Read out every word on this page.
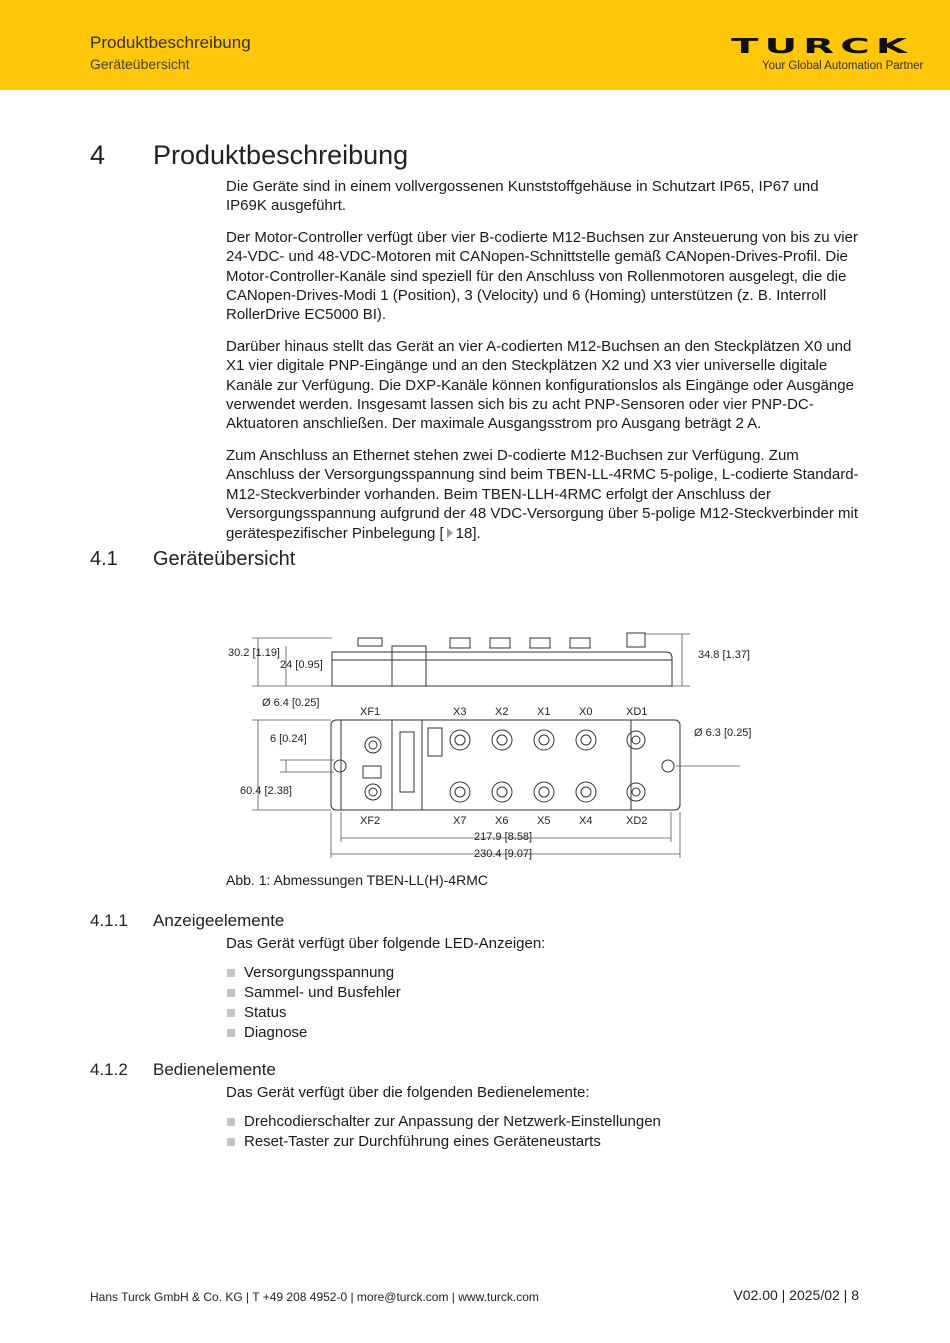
Produktbeschreibung
Geräteübersicht
TURCK
Your Global Automation Partner
4 Produktbeschreibung

Die Geräte sind in einem vollvergossenen Kunststoffgehäuse in Schutzart IP65, IP67 und IP69K ausgeführt.

Der Motor-Controller verfügt über vier B-codierte M12-Buchsen zur Ansteuerung von bis zu vier 24-VDC- und 48-VDC-Motoren mit CANopen-Schnittstelle gemäß CANopen-Drives-Profil. Die Motor-Controller-Kanäle sind speziell für den Anschluss von Rollenmotoren ausgelegt, die die CANopen-Drives-Modi 1 (Position), 3 (Velocity) und 6 (Homing) unterstützen (z. B. Interroll RollerDrive EC5000 BI).

Darüber hinaus stellt das Gerät an vier A-codierten M12-Buchsen an den Steckplätzen X0 und X1 vier digitale PNP-Eingänge und an den Steckplätzen X2 und X3 vier universelle digitale Kanäle zur Verfügung. Die DXP-Kanäle können konfigurationslos als Eingänge oder Ausgänge verwendet werden. Insgesamt lassen sich bis zu acht PNP-Sensoren oder vier PNP-DC-Aktuatoren anschließen. Der maximale Ausgangsstrom pro Ausgang beträgt 2 A.

Zum Anschluss an Ethernet stehen zwei D-codierte M12-Buchsen zur Verfügung. Zum Anschluss der Versorgungsspannung sind beim TBEN-LL-4RMC 5-polige, L-codierte Standard-M12-Steckverbinder vorhanden. Beim TBEN-LLH-4RMC erfolgt der Anschluss der Versorgungsspannung aufgrund der 48 VDC-Versorgung über 5-polige M12-Steckverbinder mit gerätespezifischer Pinbelegung [ 18].

4.1 Geräteübersicht
30.2 [1.19]
24 [0.95]
34.8 [1.37]
Ø 6.4 [0.25]
Ø 6.3 [0.25]
6 [0.24]
60.4 [2.38]
217.9 [8.58]
230.4 [9.07]
XF1	X3	X2	X1	X0	XD1
XF2	X7	X6	X5	X4	XD2
Abb. 1: Abmessungen TBEN-LL(H)-4RMC
4.1.1 Anzeigeelemente
Das Gerät verfügt über folgende LED-Anzeigen:
Versorgungsspannung
Sammel- und Busfehler
Status
Diagnose
4.1.2 Bedienelemente
Das Gerät verfügt über die folgenden Bedienelemente:
Drehcodierschalter zur Anpassung der Netzwerk-Einstellungen
Reset-Taster zur Durchführung eines Geräteneustarts
Hans Turck GmbH & Co. KG | T +49 208 4952-0 | more@turck.com | www.turck.com	V02.00 | 2025/02 | 8
